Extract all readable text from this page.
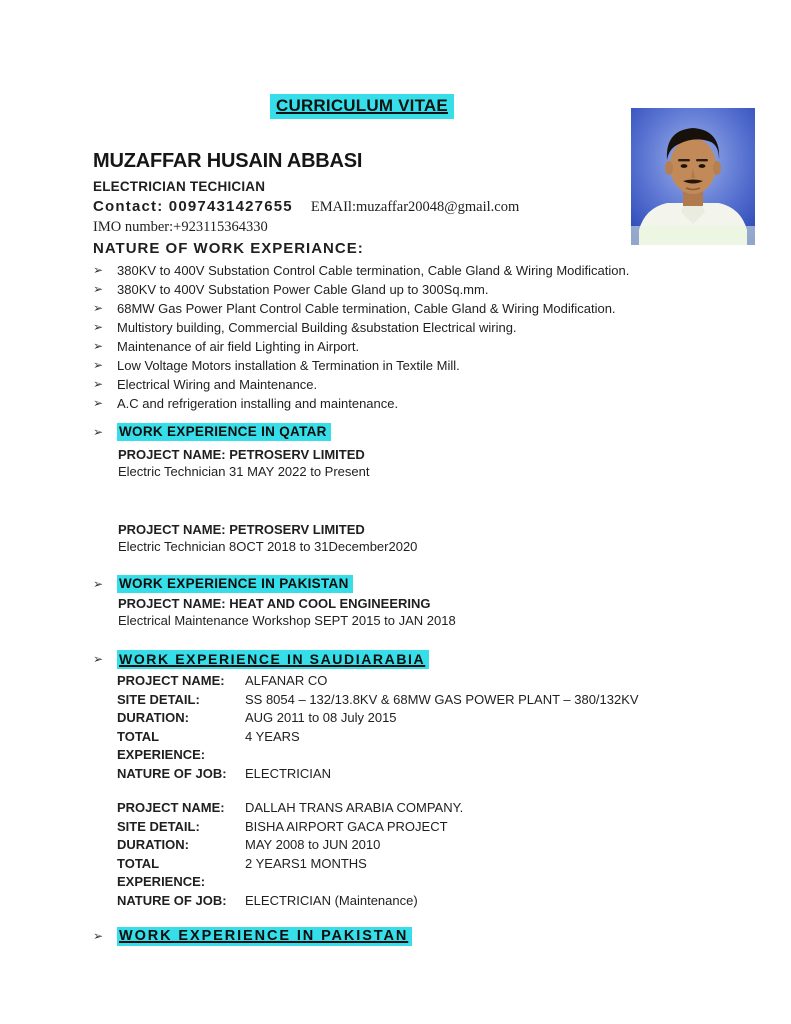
CURRICULUM VITAE
MUZAFFAR HUSAIN ABBASI
ELECTRICIAN TECHICIAN
Contact: 0097431427655 EMAIl:muzaffar20048@gmail.com
IMO number:+923115364330
NATURE OF WORK EXPERIANCE:
➢	380KV to 400V Substation Control Cable termination, Cable Gland & Wiring Modification.
➢	380KV to 400V Substation Power Cable Gland up to 300Sq.mm.
➢	68MW Gas Power Plant Control Cable termination, Cable Gland & Wiring Modification.
➢	Multistory building, Commercial Building &substation Electrical wiring.
➢	Maintenance of air field Lighting in Airport.
➢	Low Voltage Motors installation & Termination in Textile Mill.
➢	Electrical Wiring and Maintenance.
➢	A.C and refrigeration installing and maintenance.
➢	WORK EXPERIENCE IN QATAR
PROJECT NAME: PETROSERV LIMITED
Electric Technician 31 MAY 2022 to Present
PROJECT NAME: PETROSERV LIMITED
Electric Technician 8OCT 2018 to 31December2020
➢	WORK EXPERIENCE IN PAKISTAN
PROJECT NAME: HEAT AND COOL ENGINEERING
Electrical Maintenance Workshop SEPT 2015 to JAN 2018
➢	WORK EXPERIENCE IN SAUDIARABIA
PROJECT NAME:	ALFANAR CO
SITE DETAIL:	SS 8054 – 132/13.8KV & 68MW GAS POWER PLANT – 380/132KV
DURATION:	AUG 2011 to 08 July 2015
TOTAL EXPERIENCE:
4 YEARS
NATURE OF JOB:	ELECTRICIAN
PROJECT NAME:	DALLAH TRANS ARABIA COMPANY.
SITE DETAIL:	BISHA AIRPORT GACA PROJECT
DURATION:	MAY 2008 to JUN 2010
TOTAL EXPERIENCE:
2 YEARS1 MONTHS
NATURE OF JOB:	ELECTRICIAN (Maintenance)
➢	WORK EXPERIENCE IN PAKISTAN
